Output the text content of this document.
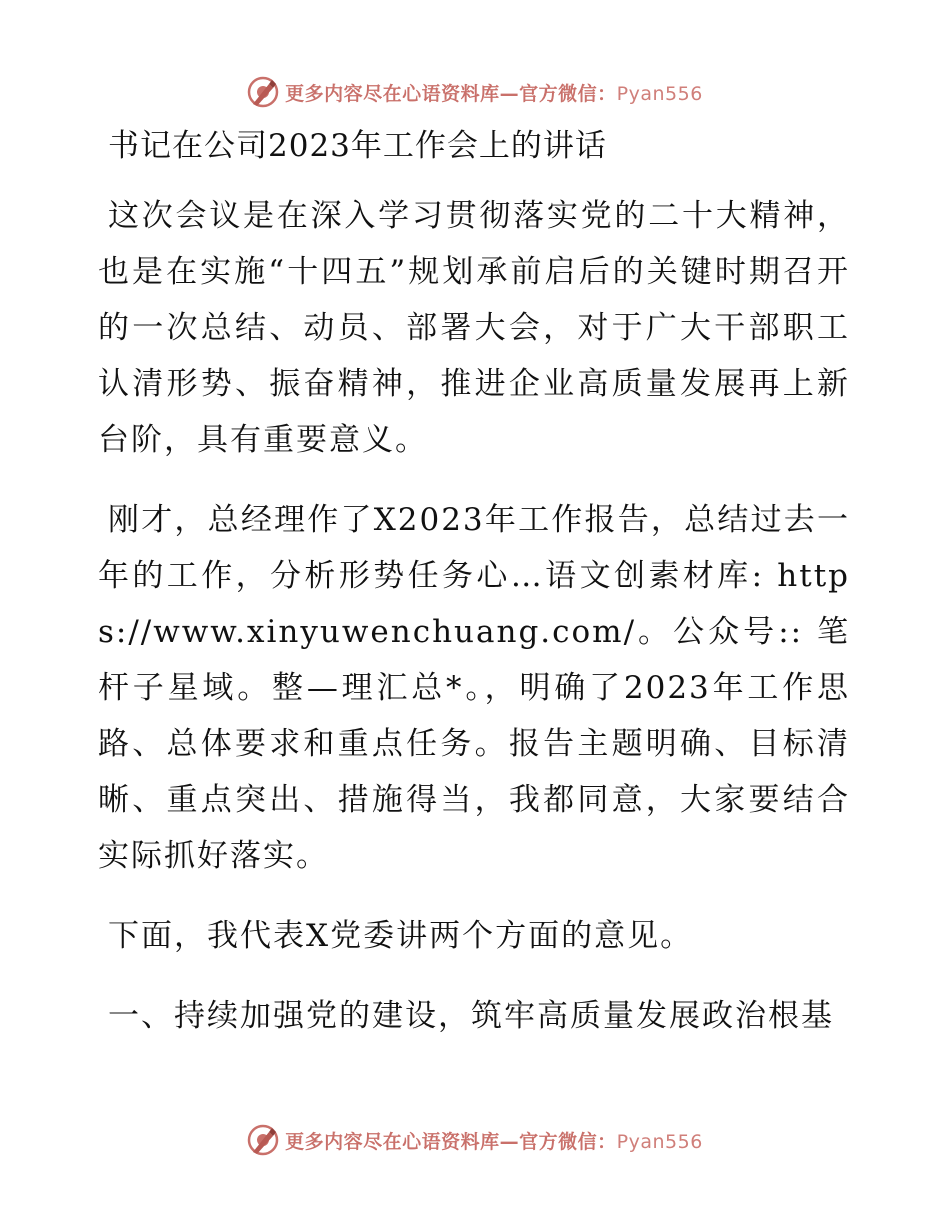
更多内容尽在心语资料库—官方微信：Pyan556
书记在公司2023年工作会上的讲话

这次会议是在深入学习贯彻落实党的二十大精神，也是在实施“十四五”规划承前启后的关键时期召开的一次总结、动员、部署大会，对于广大干部职工认清形势、振奋精神，推进企业高质量发展再上新台阶，具有重要意义。

刚才，总经理作了X2023年工作报告，总结过去一年的工作，分析形势任务心…语文创素材库: https://www.xinyuwenchuang.com/。公众号:: 笔杆子星域。整—理汇总*。，明确了2023年工作思路、总体要求和重点任务。报告主题明确、目标清晰、重点突出、措施得当，我都同意，大家要结合实际抓好落实。

下面，我代表X党委讲两个方面的意见。

一、持续加强党的建设，筑牢高质量发展政治根基

更多内容尽在心语资料库—官方微信：Pyan556
